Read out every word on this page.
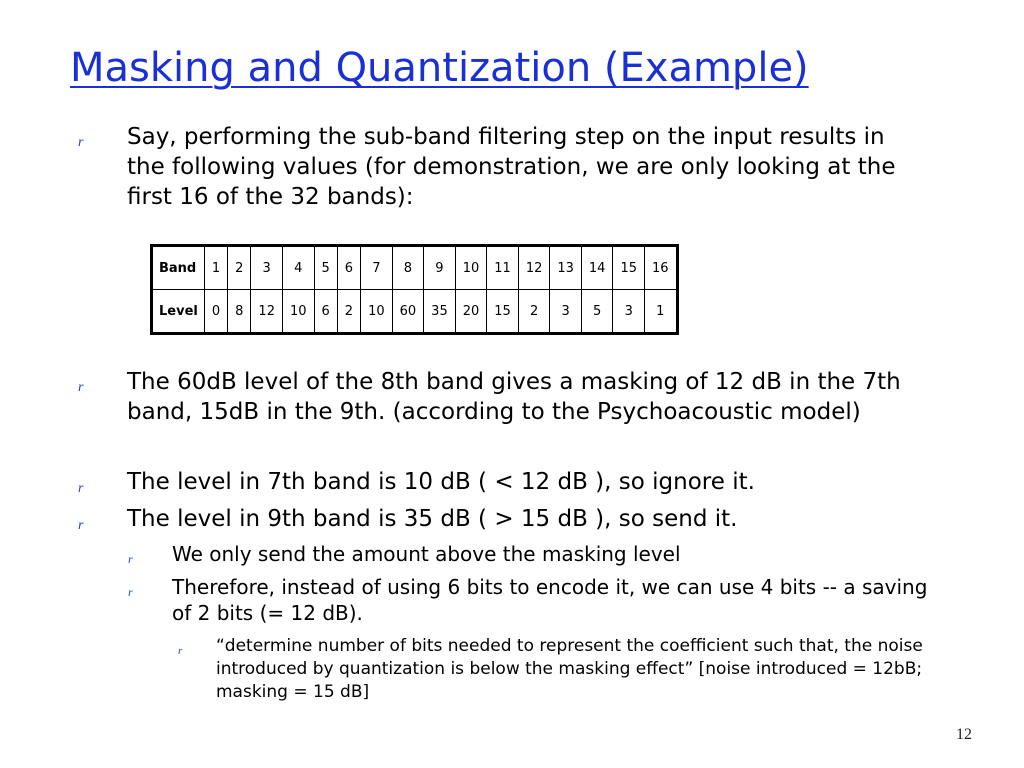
Masking and Quantization (Example)
r Say, performing the sub-band filtering step on the input results in the following values (for demonstration, we are only looking at the first 16 of the 32 bands):
Band	1	2	3	4	5	6	7	8	9	10	11	12	13	14	15	16
Level	0	8	12	10	6	2	10	60	35	20	15	2	3	5	3	1
r The 60dB level of the 8th band gives a masking of 12 dB in the 7th band, 15dB in the 9th. (according to the Psychoacoustic model)
r The level in 7th band is 10 dB ( < 12 dB ), so ignore it.
r The level in 9th band is 35 dB ( > 15 dB ), so send it.
r We only send the amount above the masking level
r Therefore, instead of using 6 bits to encode it, we can use 4 bits -- a saving of 2 bits (= 12 dB).
r “determine number of bits needed to represent the coefficient such that, the noise introduced by quantization is below the masking effect” [noise introduced = 12bB; masking = 15 dB]
12
